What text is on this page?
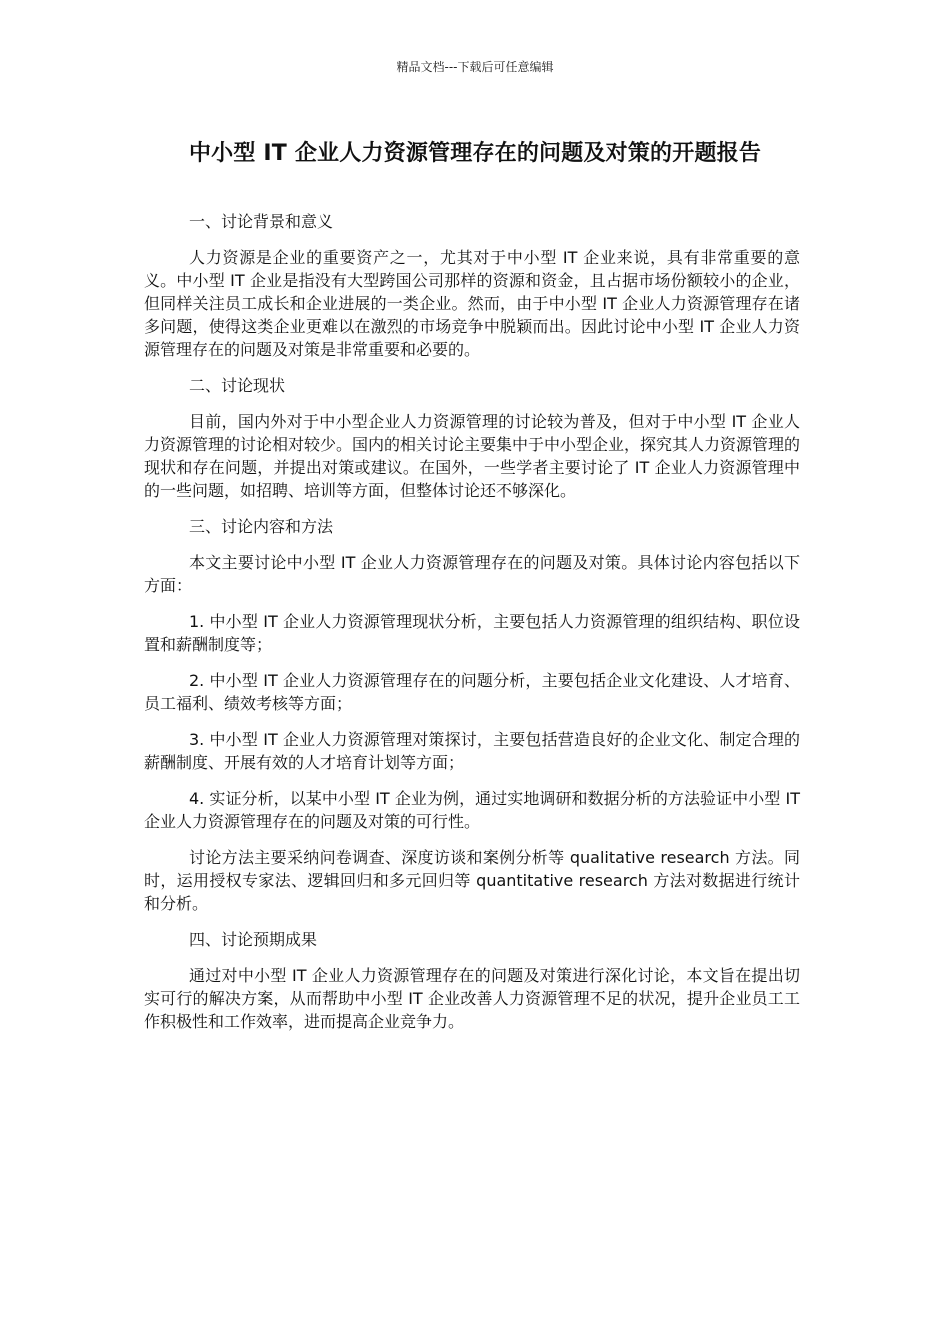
精品文档---下载后可任意编辑
中小型 IT 企业人力资源管理存在的问题及对策的开题报告

一、讨论背景和意义

人力资源是企业的重要资产之一，尤其对于中小型 IT 企业来说，具有非常重要的意义。中小型 IT 企业是指没有大型跨国公司那样的资源和资金，且占据市场份额较小的企业，但同样关注员工成长和企业进展的一类企业。然而，由于中小型 IT 企业人力资源管理存在诸多问题，使得这类企业更难以在激烈的市场竞争中脱颖而出。因此讨论中小型 IT 企业人力资源管理存在的问题及对策是非常重要和必要的。

二、讨论现状

目前，国内外对于中小型企业人力资源管理的讨论较为普及，但对于中小型 IT 企业人力资源管理的讨论相对较少。国内的相关讨论主要集中于中小型企业，探究其人力资源管理的现状和存在问题，并提出对策或建议。在国外，一些学者主要讨论了 IT 企业人力资源管理中的一些问题，如招聘、培训等方面，但整体讨论还不够深化。

三、讨论内容和方法

本文主要讨论中小型 IT 企业人力资源管理存在的问题及对策。具体讨论内容包括以下方面：

1. 中小型 IT 企业人力资源管理现状分析，主要包括人力资源管理的组织结构、职位设置和薪酬制度等；

2. 中小型 IT 企业人力资源管理存在的问题分析，主要包括企业文化建设、人才培育、员工福利、绩效考核等方面；

3. 中小型 IT 企业人力资源管理对策探讨，主要包括营造良好的企业文化、制定合理的薪酬制度、开展有效的人才培育计划等方面；

4. 实证分析，以某中小型 IT 企业为例，通过实地调研和数据分析的方法验证中小型 IT 企业人力资源管理存在的问题及对策的可行性。

讨论方法主要采纳问卷调查、深度访谈和案例分析等 qualitative research 方法。同时，运用授权专家法、逻辑回归和多元回归等 quantitative research 方法对数据进行统计和分析。

四、讨论预期成果

通过对中小型 IT 企业人力资源管理存在的问题及对策进行深化讨论，本文旨在提出切实可行的解决方案，从而帮助中小型 IT 企业改善人力资源管理不足的状况，提升企业员工工作积极性和工作效率，进而提高企业竞争力。
